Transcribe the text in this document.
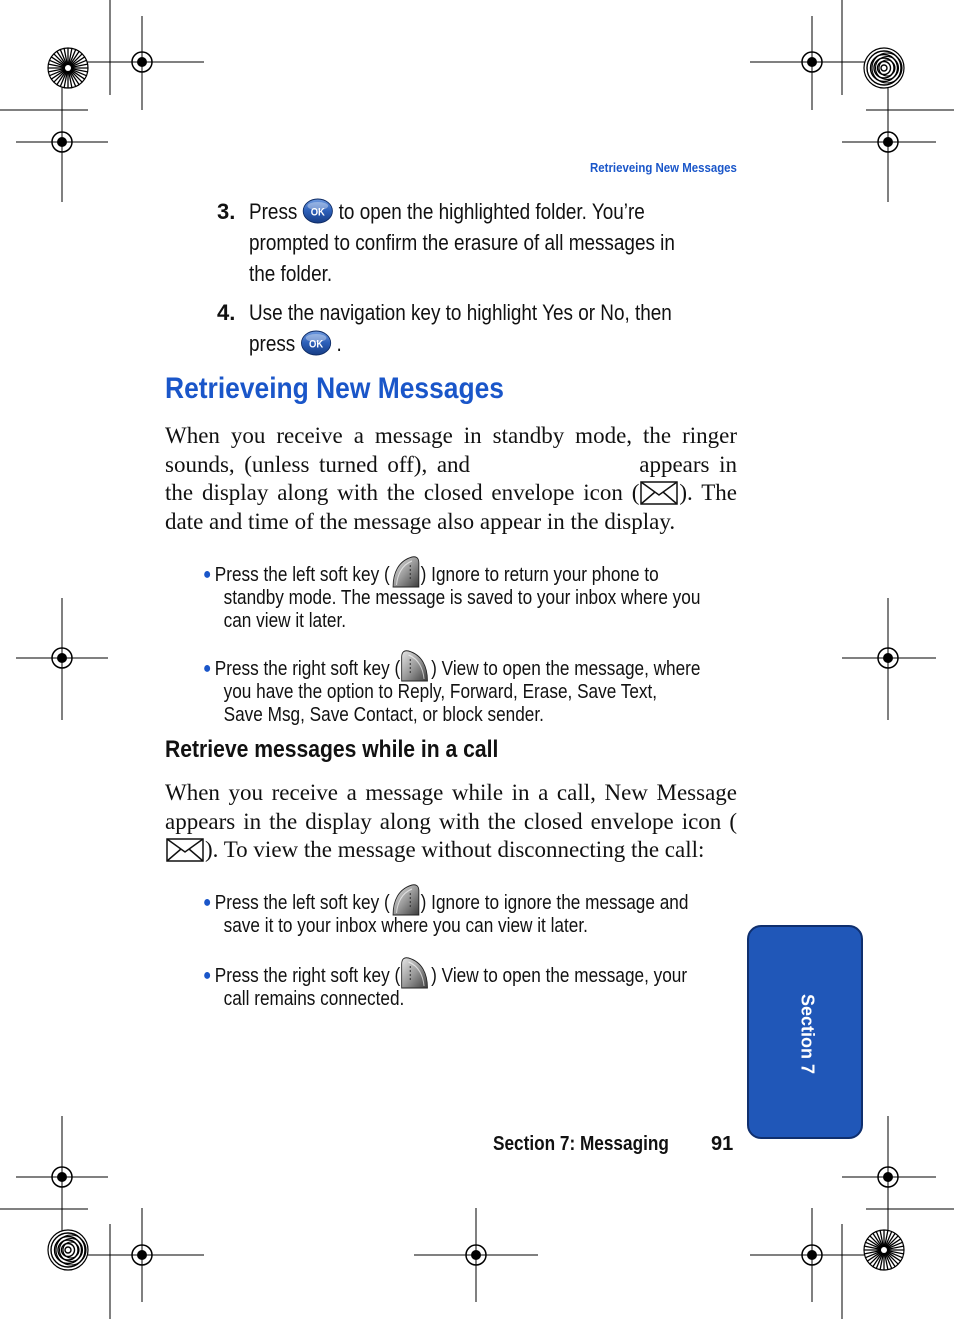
Retrieveing New Messages
3. Press to open the highlighted folder. You’re prompted to confirm the erasure of all messages in the folder.
4. Use the navigation key to highlight Yes or No, then press .
Retrieveing New Messages
When you receive a message in standby mode, the ringer sounds, (unless turned off), and	appears in the display along with the closed envelope icon ( ). The date and time of the message also appear in the display.
● Press the left soft key ( ) Ignore to return your phone to
standby mode. The message is saved to your inbox where you
can view it later.
● Press the right soft key ( ) View to open the message, where
you have the option to Reply, Forward, Erase, Save Text,
Save Msg, Save Contact, or block sender.
Retrieve messages while in a call
When you receive a message while in a call, New Message appears in the display along with the closed envelope icon (). To view the message without disconnecting the call:
● Press the left soft key ( ) Ignore to ignore the message and
save it to your inbox where you can view it later.
● Press the right soft key ( ) View to open the message, your
call remains connected.	Section 7
Section 7: Messaging 91
